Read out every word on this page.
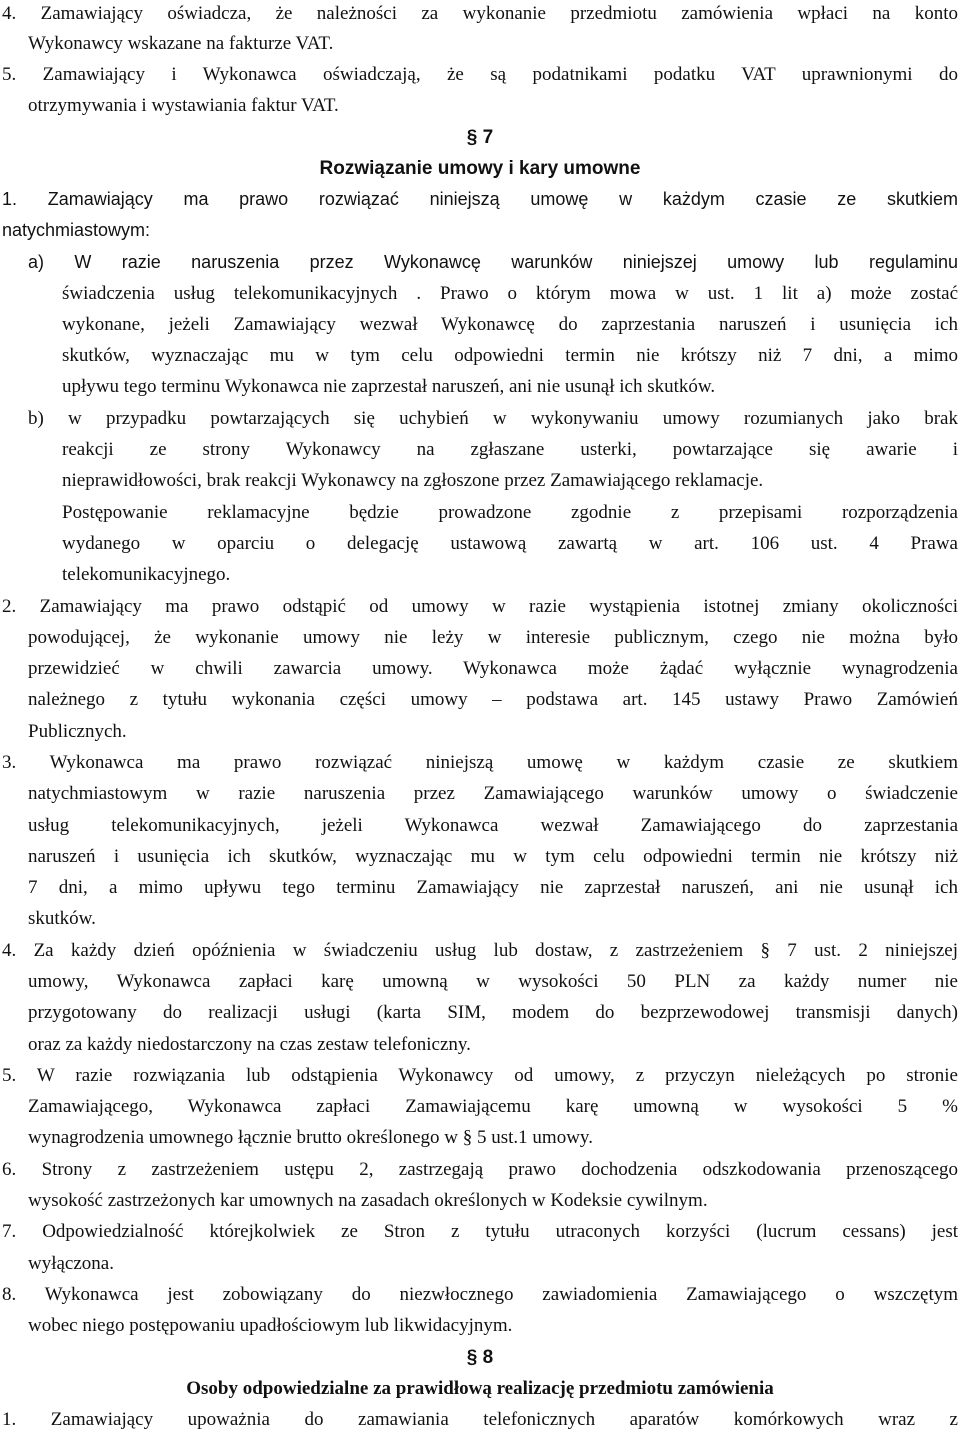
4. Zamawiający oświadcza, że należności za wykonanie przedmiotu zamówienia wpłaci na konto
Wykonawcy wskazane na fakturze VAT.
5. Zamawiający i Wykonawca oświadczają, że są podatnikami podatku VAT uprawnionymi do
otrzymywania i wystawiania faktur VAT.
§ 7
Rozwiązanie umowy i kary umowne
1. Zamawiający ma prawo rozwiązać niniejszą umowę w każdym czasie ze skutkiem
natychmiastowym:
a) W razie naruszenia przez Wykonawcę warunków niniejszej umowy lub regulaminu
świadczenia usług telekomunikacyjnych . Prawo o którym mowa w ust. 1 lit a) może zostać
wykonane, jeżeli Zamawiający wezwał Wykonawcę do zaprzestania naruszeń i usunięcia ich
skutków, wyznaczając mu w tym celu odpowiedni termin nie krótszy niż 7 dni, a mimo
upływu tego terminu Wykonawca nie zaprzestał naruszeń, ani nie usunął ich skutków.
b) w przypadku powtarzających się uchybień w wykonywaniu umowy rozumianych jako brak
reakcji ze strony Wykonawcy na zgłaszane usterki, powtarzające się awarie i
nieprawidłowości, brak reakcji Wykonawcy na zgłoszone przez Zamawiającego reklamacje.
Postępowanie reklamacyjne będzie prowadzone zgodnie z przepisami rozporządzenia
wydanego w oparciu o delegację ustawową zawartą w art. 106 ust. 4 Prawa
telekomunikacyjnego.
2. Zamawiający ma prawo odstąpić od umowy w razie wystąpienia istotnej zmiany okoliczności
powodującej, że wykonanie umowy nie leży w interesie publicznym, czego nie można było
przewidzieć w chwili zawarcia umowy. Wykonawca może żądać wyłącznie wynagrodzenia
należnego z tytułu wykonania części umowy – podstawa art. 145 ustawy Prawo Zamówień
Publicznych.
3. Wykonawca ma prawo rozwiązać niniejszą umowę w każdym czasie ze skutkiem
natychmiastowym w razie naruszenia przez Zamawiającego warunków umowy o świadczenie
usług telekomunikacyjnych, jeżeli Wykonawca wezwał Zamawiającego do zaprzestania
naruszeń i usunięcia ich skutków, wyznaczając mu w tym celu odpowiedni termin nie krótszy niż
7 dni, a mimo upływu tego terminu Zamawiający nie zaprzestał naruszeń, ani nie usunął ich
skutków.
4. Za każdy dzień opóźnienia w świadczeniu usług lub dostaw, z zastrzeżeniem § 7 ust. 2 niniejszej
umowy, Wykonawca zapłaci karę umowną w wysokości 50 PLN za każdy numer nie
przygotowany do realizacji usługi (karta SIM, modem do bezprzewodowej transmisji danych)
oraz za każdy niedostarczony na czas zestaw telefoniczny.
5. W razie rozwiązania lub odstąpienia Wykonawcy od umowy, z przyczyn nieleżących po stronie
Zamawiającego, Wykonawca zapłaci Zamawiającemu karę umowną w wysokości 5 %
wynagrodzenia umownego łącznie brutto określonego w § 5 ust.1 umowy.
6. Strony z zastrzeżeniem ustępu 2, zastrzegają prawo dochodzenia odszkodowania przenoszącego
wysokość zastrzeżonych kar umownych na zasadach określonych w Kodeksie cywilnym.
7. Odpowiedzialność którejkolwiek ze Stron z tytułu utraconych korzyści (lucrum cessans) jest
wyłączona.
8. Wykonawca jest zobowiązany do niezwłocznego zawiadomienia Zamawiającego o wszczętym
wobec niego postępowaniu upadłościowym lub likwidacyjnym.
§ 8
Osoby odpowiedzialne za prawidłową realizację przedmiotu zamówienia
1. Zamawiający upoważnia do zamawiania telefonicznych aparatów komórkowych wraz z
